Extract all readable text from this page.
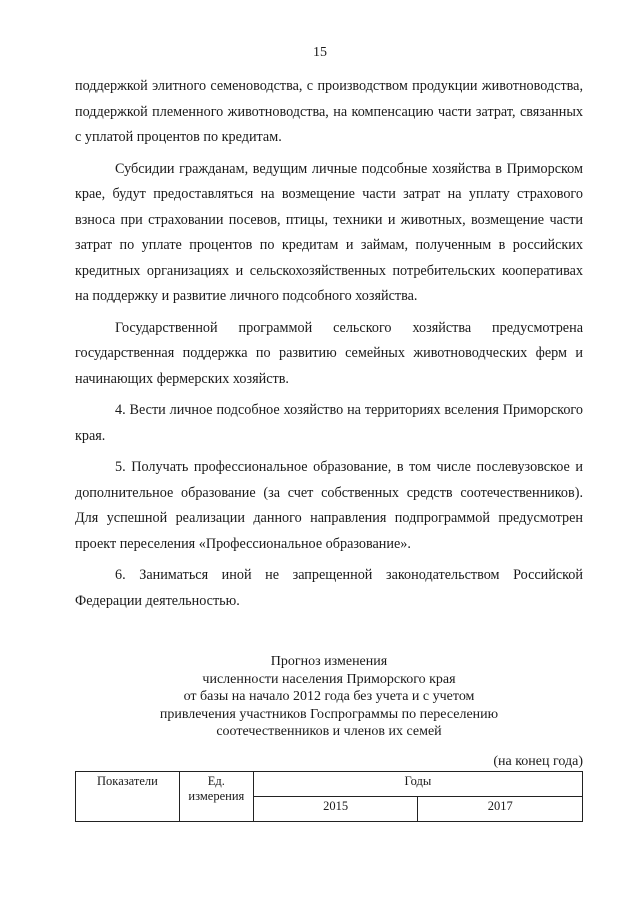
15

поддержкой элитного семеноводства, с производством продукции животноводства, поддержкой племенного животноводства, на компенсацию части затрат, связанных с уплатой процентов по кредитам.

Субсидии гражданам, ведущим личные подсобные хозяйства в Приморском крае, будут предоставляться на возмещение части затрат на уплату страхового взноса при страховании посевов, птицы, техники и животных, возмещение части затрат по уплате процентов по кредитам и займам, полученным в российских кредитных организациях и сельскохозяйственных потребительских кооперативах на поддержку и развитие личного подсобного хозяйства.

Государственной программой сельского хозяйства предусмотрена государственная поддержка по развитию семейных животноводческих ферм и начинающих фермерских хозяйств.

4. Вести личное подсобное хозяйство на территориях вселения Приморского края.

5. Получать профессиональное образование, в том числе послевузовское и дополнительное образование (за счет собственных средств соотечественников). Для успешной реализации данного направления подпрограммой предусмотрен проект переселения «Профессиональное образование».

6. Заниматься иной не запрещенной законодательством Российской Федерации деятельностью.

Прогноз изменения
численности населения Приморского края
от базы на начало 2012 года без учета и с учетом
привлечения участников Госпрограммы по переселению
соотечественников и членов их семей
(на конец года)
Показатели	Ед. измерения	Годы	
		2015	2017
